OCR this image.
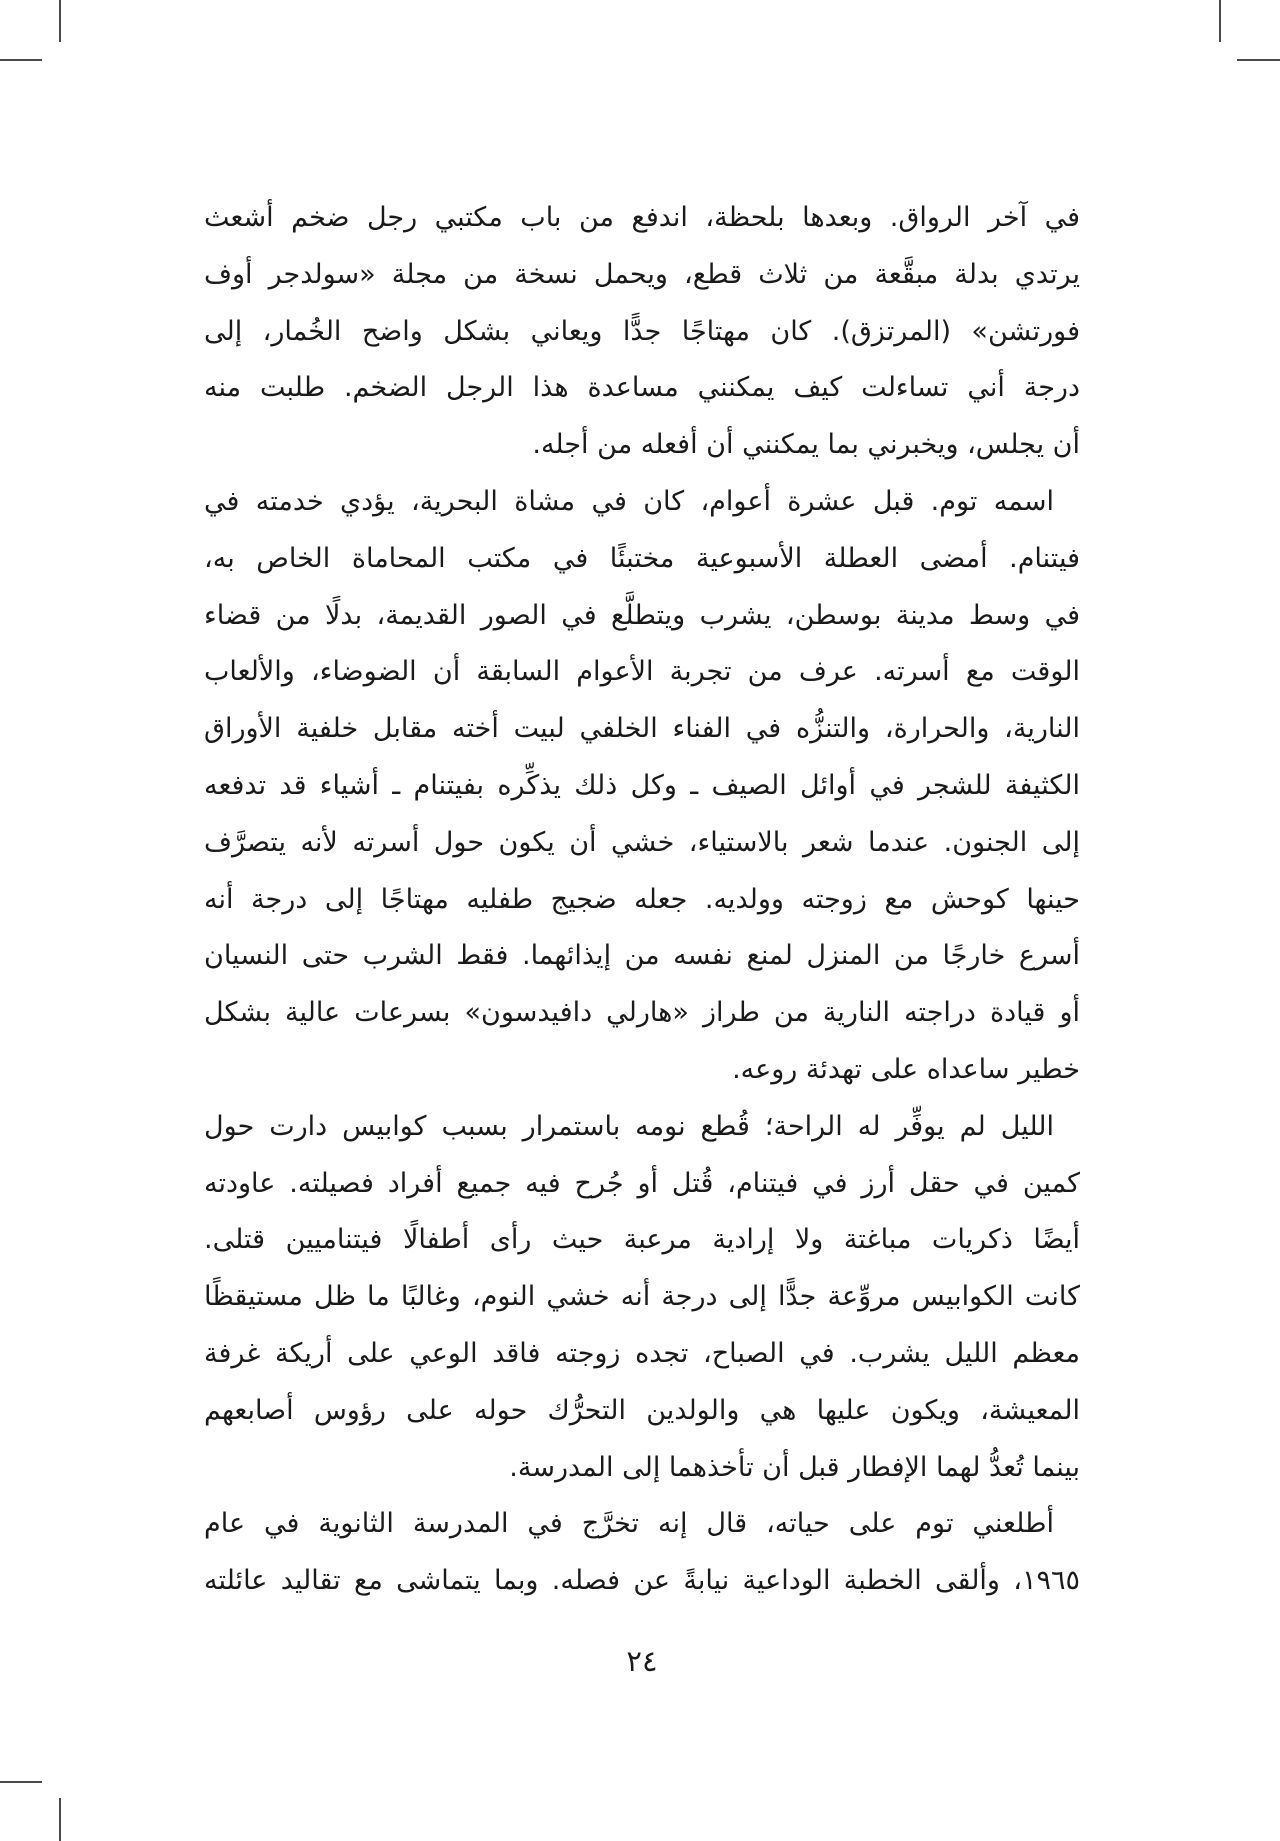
في آخر الرواق. وبعدها بلحظة، اندفع من باب مكتبي رجل ضخم أشعث
يرتدي بدلة مبقَّعة من ثلاث قطع، ويحمل نسخة من مجلة «سولدجر أوف
فورتشن» (المرتزق). كان مهتاجًا جدًّا ويعاني بشكل واضح الخُمار، إلى
درجة أني تساءلت كيف يمكنني مساعدة هذا الرجل الضخم. طلبت منه
أن يجلس، ويخبرني بما يمكنني أن أفعله من أجله.
اسمه توم. قبل عشرة أعوام، كان في مشاة البحرية، يؤدي خدمته في
فيتنام. أمضى العطلة الأسبوعية مختبئًا في مكتب المحاماة الخاص به،
في وسط مدينة بوسطن، يشرب ويتطلَّع في الصور القديمة، بدلًا من قضاء
الوقت مع أسرته. عرف من تجربة الأعوام السابقة أن الضوضاء، والألعاب
النارية، والحرارة، والتنزُّه في الفناء الخلفي لبيت أخته مقابل خلفية الأوراق
الكثيفة للشجر في أوائل الصيف ـ وكل ذلك يذكِّره بفيتنام ـ أشياء قد تدفعه
إلى الجنون. عندما شعر بالاستياء، خشي أن يكون حول أسرته لأنه يتصرَّف
حينها كوحش مع زوجته وولديه. جعله ضجيج طفليه مهتاجًا إلى درجة أنه
أسرع خارجًا من المنزل لمنع نفسه من إيذائهما. فقط الشرب حتى النسيان
أو قيادة دراجته النارية من طراز «هارلي دافيدسون» بسرعات عالية بشكل
خطير ساعداه على تهدئة روعه.
الليل لم يوفِّر له الراحة؛ قُطع نومه باستمرار بسبب كوابيس دارت حول
كمين في حقل أرز في فيتنام، قُتل أو جُرح فيه جميع أفراد فصيلته. عاودته
أيضًا ذكريات مباغتة ولا إرادية مرعبة حيث رأى أطفالًا فيتناميين قتلى.
كانت الكوابيس مروِّعة جدًّا إلى درجة أنه خشي النوم، وغالبًا ما ظل مستيقظًا
معظم الليل يشرب. في الصباح، تجده زوجته فاقد الوعي على أريكة غرفة
المعيشة، ويكون عليها هي والولدين التحرُّك حوله على رؤوس أصابعهم
بينما تُعدُّ لهما الإفطار قبل أن تأخذهما إلى المدرسة.
أطلعني توم على حياته، قال إنه تخرَّج في المدرسة الثانوية في عام
١٩٦٥، وألقى الخطبة الوداعية نيابةً عن فصله. وبما يتماشى مع تقاليد عائلته
٢٤
